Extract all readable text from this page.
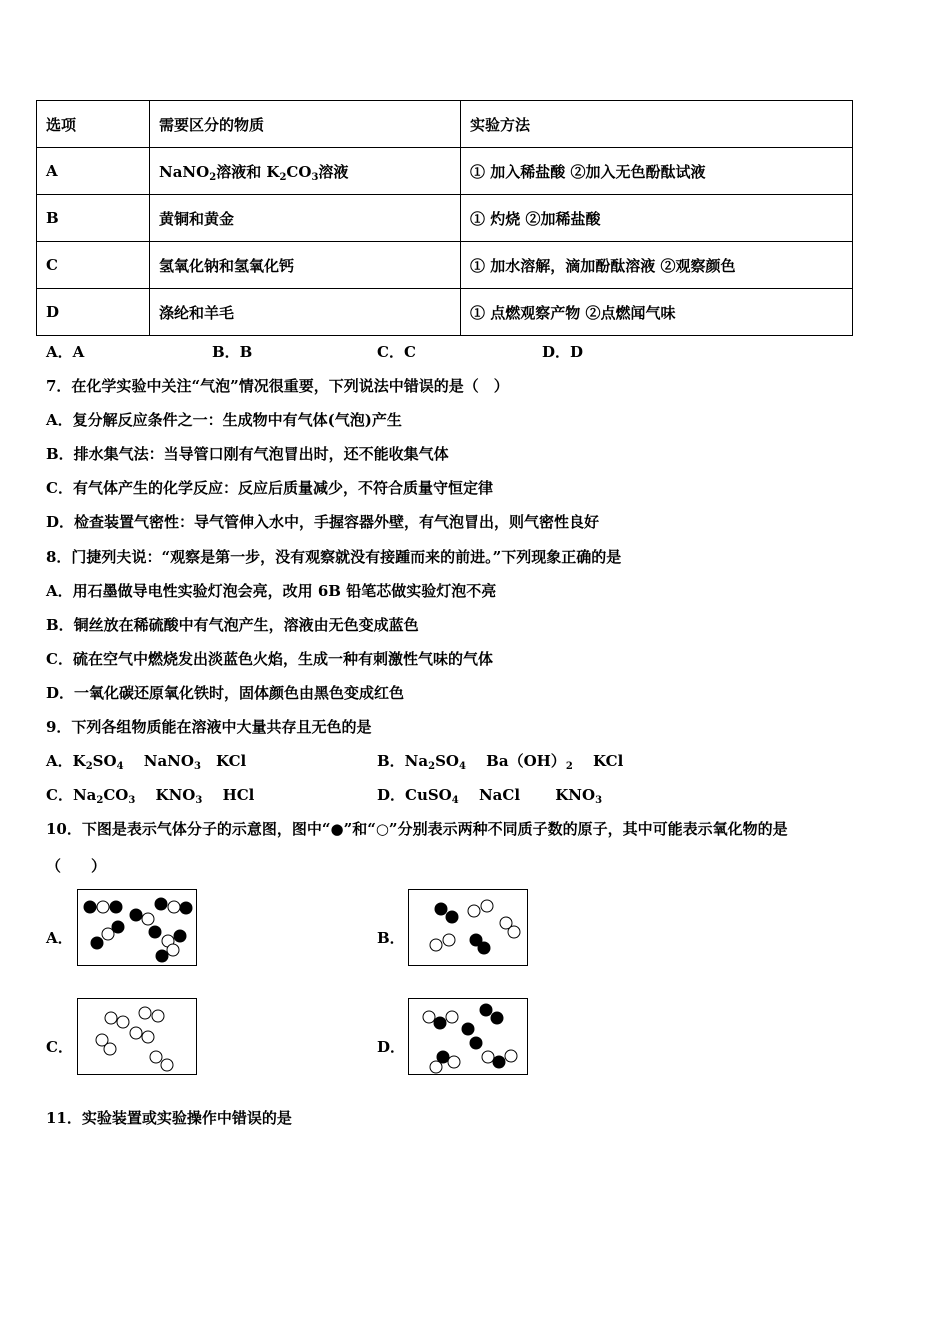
选项	需要区分的物质	实验方法
A	NaNO$_2$溶液和 $K_2CO_3$溶液	① 加入稀盐酸 ②加入无色酚酞试液
B	黄铜和黄金	① 灼烧 ②加稀盐酸
C	氢氧化钠和氢氧化钙	① 加水溶解，滴加酚酞溶液 ②观察颜色
D	涤纶和羊毛	① 点燃观察产物 ②点燃闻气味
A．A	B．B	C．C	D．D
7．在化学实验中关注“气泡”情况很重要，下列说法中错误的是（　）
A．复分解反应条件之一：生成物中有气体(气泡)产生
B．排水集气法：当导管口刚有气泡冒出时，还不能收集气体
C．有气体产生的化学反应：反应后质量减少，不符合质量守恒定律
D．检查装置气密性：导气管伸入水中，手握容器外壁，有气泡冒出，则气密性良好
8．门捷列夫说：“观察是第一步，没有观察就没有接踵而来的前进。”下列现象正确的是
A．用石墨做导电性实验灯泡会亮，改用 6B 铅笔芯做实验灯泡不亮
B．铜丝放在稀硫酸中有气泡产生，溶液由无色变成蓝色
C．硫在空气中燃烧发出淡蓝色火焰，生成一种有刺激性气味的气体
D．一氧化碳还原氧化铁时，固体颜色由黑色变成红色
9．下列各组物质能在溶液中大量共存且无色的是
A．$K_2SO_4$　 NaNO$_3$　KCl	B．$Na_2SO_4$　 $Ba(OH)_2$　 KCl
C．$Na_2CO_3$　 $KNO_3$　 HCl	D．CuSO$_4$　 NaCl　 　$KNO_3$
10．下图是表示气体分子的示意图，图中“●”和“○”分别表示两种不同质子数的原子，其中可能表示氧化物的是
（　　）
A．	B．
C．	D．
11．实验装置或实验操作中错误的是
